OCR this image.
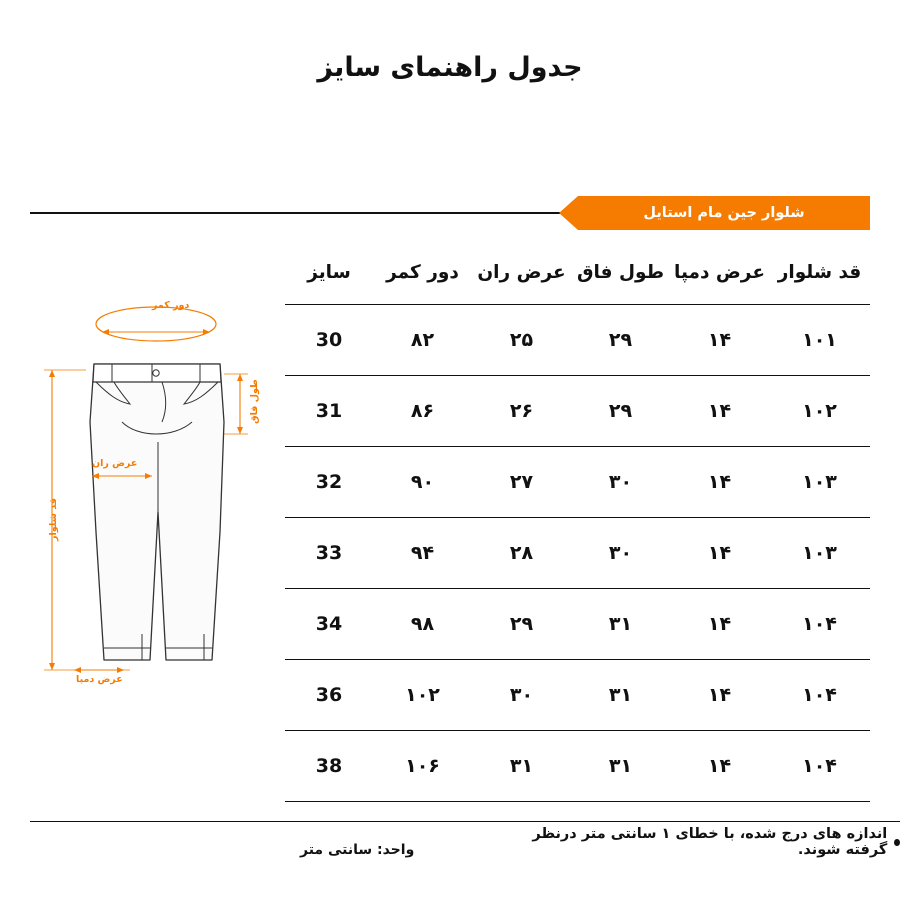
جدول راهنمای سایز
شلوار جین مام استایل
دور کمر
طول فاق
عرض ران
قد شلوار
عرض دمپا
قد شلوار	عرض دمپا	طول فاق	عرض ران	دور کمر	سایز
۱۰۱	۱۴	۲۹	۲۵	۸۲	30
۱۰۲	۱۴	۲۹	۲۶	۸۶	31
۱۰۳	۱۴	۳۰	۲۷	۹۰	32
۱۰۳	۱۴	۳۰	۲۸	۹۴	33
۱۰۴	۱۴	۳۱	۲۹	۹۸	34
۱۰۴	۱۴	۳۱	۳۰	۱۰۲	36
۱۰۴	۱۴	۳۱	۳۱	۱۰۶	38
واحد: سانتی متر
اندازه های درج شده، با خطای ۱ سانتی متر درنظر گرفته شوند.
